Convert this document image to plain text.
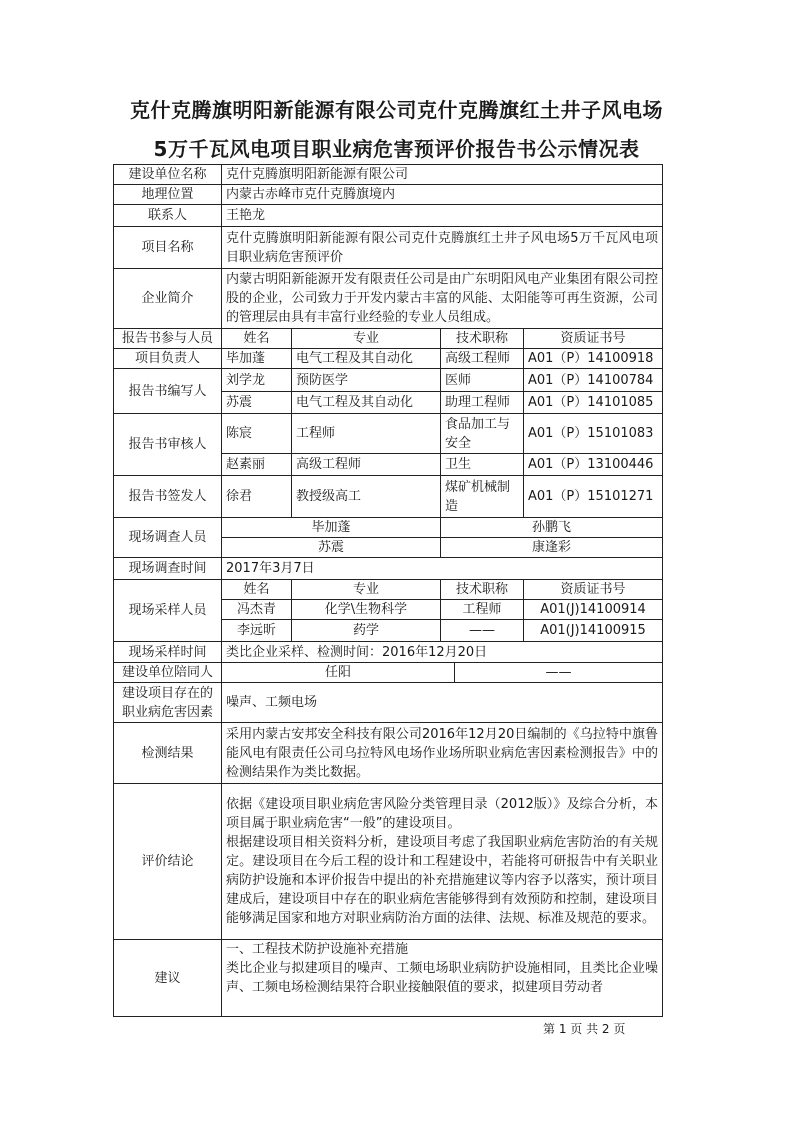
克什克腾旗明阳新能源有限公司克什克腾旗红土井子风电场
5万千瓦风电项目职业病危害预评价报告书公示情况表
建设单位名称	克什克腾旗明阳新能源有限公司				
地理位置	内蒙古赤峰市克什克腾旗境内				
联系人	王艳龙				
项目名称	克什克腾旗明阳新能源有限公司克什克腾旗红土井子风电场5万千瓦风电项目职业病危害预评价				
企业简介	内蒙古明阳新能源开发有限责任公司是由广东明阳风电产业集团有限公司控股的企业，公司致力于开发内蒙古丰富的风能、太阳能等可再生资源，公司的管理层由具有丰富行业经验的专业人员组成。				
报告书参与人员	姓名	专业	技术职称		资质证书号
项目负责人	毕加蓬	电气工程及其自动化	高级工程师		A01（P）14100918
报告书编写人	刘学龙	预防医学	医师		A01（P）14100784
	苏震	电气工程及其自动化	助理工程师		A01（P）14101085
报告书审核人	陈宸	工程师	食品加工与安全		A01（P）15101083
	赵素丽	高级工程师	卫生		A01（P）13100446
报告书签发人	徐君	教授级高工	煤矿机械制造		A01（P）15101271
现场调查人员	毕加蓬		孙鹏飞		
	苏震		康逢彩		
现场调查时间	2017年3月7日				
现场采样人员	姓名	专业	技术职称		资质证书号
	冯杰青	化学\生物科学	工程师		A01(J)14100914
	李远昕	药学	——		A01(J)14100915
现场采样时间	类比企业采样、检测时间：2016年12月20日				
建设单位陪同人	任阳			——	

建设项目存在的
职业病危害因素	噪声、工频电场				
检测结果	采用内蒙古安邦安全科技有限公司2016年12月20日编制的《乌拉特中旗鲁能风电有限责任公司乌拉特风电场作业场所职业病危害因素检测报告》中的检测结果作为类比数据。				
评价结论	依据《建设项目职业病危害风险分类管理目录（2012版）》及综合分析，本项目属于职业病危害“一般”的建设项目。
根据建设项目相关资料分析，建设项目考虑了我国职业病危害防治的有关规定。建设项目在今后工程的设计和工程建设中，若能将可研报告中有关职业病防护设施和本评价报告中提出的补充措施建议等内容予以落实，预计项目建成后，建设项目中存在的职业病危害能够得到有效预防和控制，建设项目能够满足国家和地方对职业病防治方面的法律、法规、标准及规范的要求。				

建议	一、工程技术防护设施补充措施
类比企业与拟建项目的噪声、工频电场职业病防护设施相同，且类比企业噪声、工频电场检测结果符合职业接触限值的要求，拟建项目劳动者				
第 1 页 共 2 页
